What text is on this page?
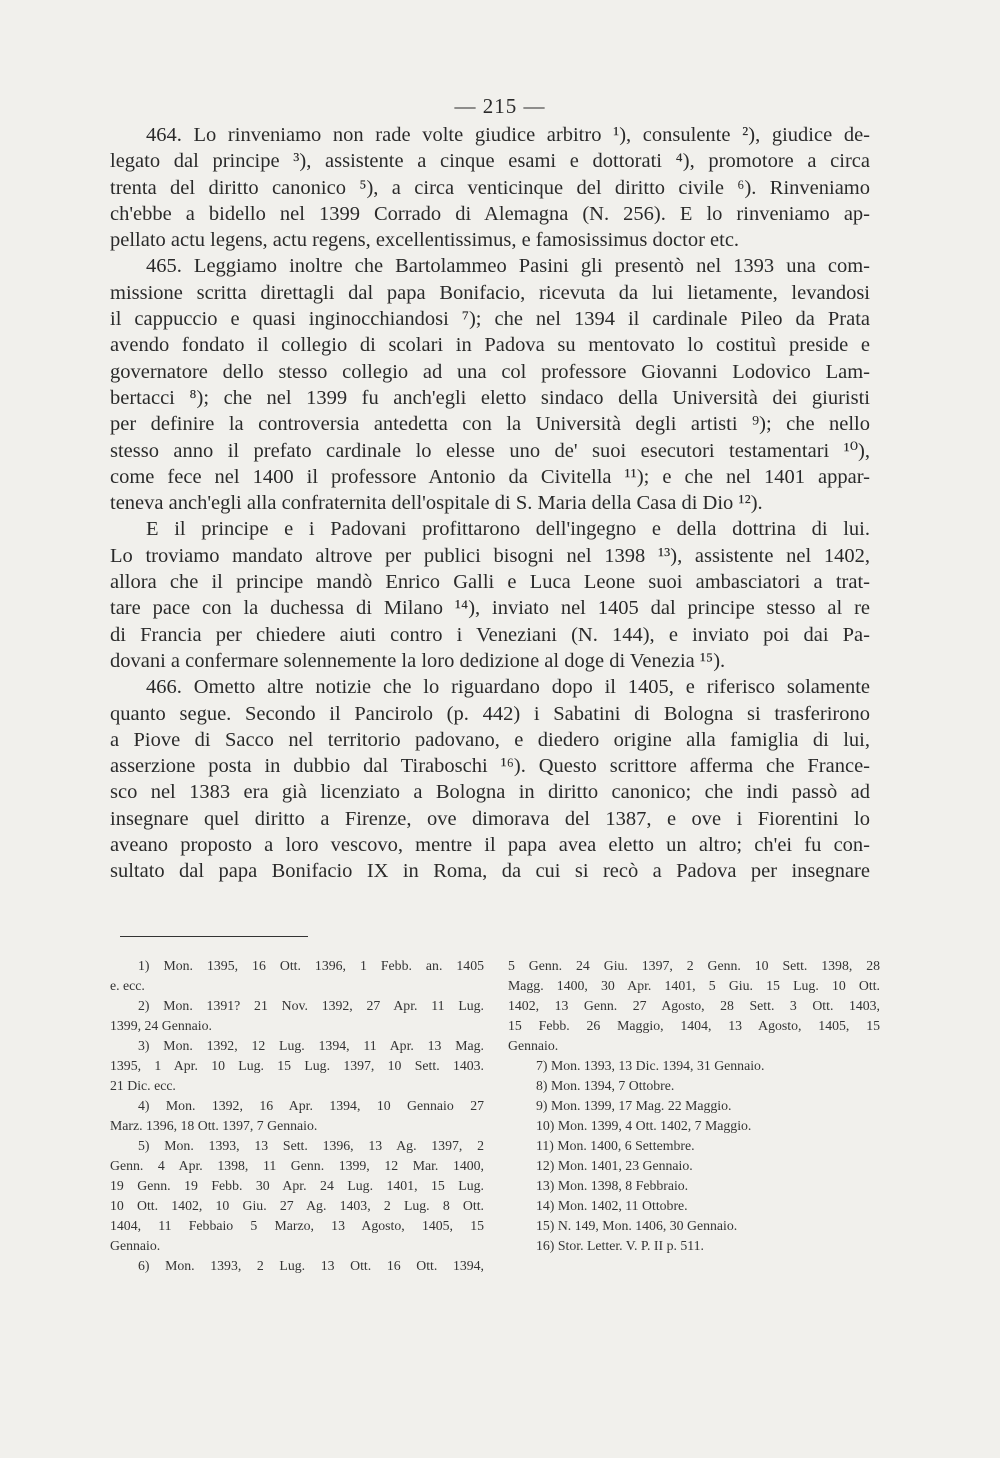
— 215 —
464. Lo rinveniamo non rade volte giudice arbitro ¹), consulente ²), giudice de-
legato dal principe ³), assistente a cinque esami e dottorati ⁴), promotore a circa
trenta del diritto canonico ⁵), a circa venticinque del diritto civile ⁶). Rinveniamo
ch'ebbe a bidello nel 1399 Corrado di Alemagna (N. 256). E lo rinveniamo ap-
pellato actu legens, actu regens, excellentissimus, e famosissimus doctor etc.
465. Leggiamo inoltre che Bartolammeo Pasini gli presentò nel 1393 una com-
missione scritta direttagli dal papa Bonifacio, ricevuta da lui lietamente, levandosi
il cappuccio e quasi inginocchiandosi ⁷); che nel 1394 il cardinale Pileo da Prata
avendo fondato il collegio di scolari in Padova su mentovato lo costituì preside e
governatore dello stesso collegio ad una col professore Giovanni Lodovico Lam-
bertacci ⁸); che nel 1399 fu anch'egli eletto sindaco della Università dei giuristi
per definire la controversia antedetta con la Università degli artisti ⁹); che nello
stesso anno il prefato cardinale lo elesse uno de' suoi esecutori testamentari ¹⁰),
come fece nel 1400 il professore Antonio da Civitella ¹¹); e che nel 1401 appar-
teneva anch'egli alla confraternita dell'ospitale di S. Maria della Casa di Dio ¹²).
E il principe e i Padovani profittarono dell'ingegno e della dottrina di lui.
Lo troviamo mandato altrove per publici bisogni nel 1398 ¹³), assistente nel 1402,
allora che il principe mandò Enrico Galli e Luca Leone suoi ambasciatori a trat-
tare pace con la duchessa di Milano ¹⁴), inviato nel 1405 dal principe stesso al re
di Francia per chiedere aiuti contro i Veneziani (N. 144), e inviato poi dai Pa-
dovani a confermare solennemente la loro dedizione al doge di Venezia ¹⁵).
466. Ometto altre notizie che lo riguardano dopo il 1405, e riferisco solamente
quanto segue. Secondo il Pancirolo (p. 442) i Sabatini di Bologna si trasferirono
a Piove di Sacco nel territorio padovano, e diedero origine alla famiglia di lui,
asserzione posta in dubbio dal Tiraboschi ¹⁶). Questo scrittore afferma che France-
sco nel 1383 era già licenziato a Bologna in diritto canonico; che indi passò ad
insegnare quel diritto a Firenze, ove dimorava del 1387, e ove i Fiorentini lo
aveano proposto a loro vescovo, mentre il papa avea eletto un altro; ch'ei fu con-
sultato dal papa Bonifacio IX in Roma, da cui si recò a Padova per insegnare
1) Mon. 1395, 16 Ott. 1396, 1 Febb. an. 1405
e. ecc.
2) Mon. 1391? 21 Nov. 1392, 27 Apr. 11 Lug.
1399, 24 Gennaio.
3) Mon. 1392, 12 Lug. 1394, 11 Apr. 13 Mag.
1395, 1 Apr. 10 Lug. 15 Lug. 1397, 10 Sett. 1403.
21 Dic. ecc.
4) Mon. 1392, 16 Apr. 1394, 10 Gennaio 27
Marz. 1396, 18 Ott. 1397, 7 Gennaio.
5) Mon. 1393, 13 Sett. 1396, 13 Ag. 1397, 2
Genn. 4 Apr. 1398, 11 Genn. 1399, 12 Mar. 1400,
19 Genn. 19 Febb. 30 Apr. 24 Lug. 1401, 15 Lug.
10 Ott. 1402, 10 Giu. 27 Ag. 1403, 2 Lug. 8 Ott.
1404, 11 Febbaio 5 Marzo, 13 Agosto, 1405, 15
Gennaio.
6) Mon. 1393, 2 Lug. 13 Ott. 16 Ott. 1394,
5 Genn. 24 Giu. 1397, 2 Genn. 10 Sett. 1398, 28
Magg. 1400, 30 Apr. 1401, 5 Giu. 15 Lug. 10 Ott.
1402, 13 Genn. 27 Agosto, 28 Sett. 3 Ott. 1403,
15 Febb. 26 Maggio, 1404, 13 Agosto, 1405, 15
Gennaio.
7) Mon. 1393, 13 Dic. 1394, 31 Gennaio.
8) Mon. 1394, 7 Ottobre.
9) Mon. 1399, 17 Mag. 22 Maggio.
10) Mon. 1399, 4 Ott. 1402, 7 Maggio.
11) Mon. 1400, 6 Settembre.
12) Mon. 1401, 23 Gennaio.
13) Mon. 1398, 8 Febbraio.
14) Mon. 1402, 11 Ottobre.
15) N. 149, Mon. 1406, 30 Gennaio.
16) Stor. Letter. V. P. II p. 511.
